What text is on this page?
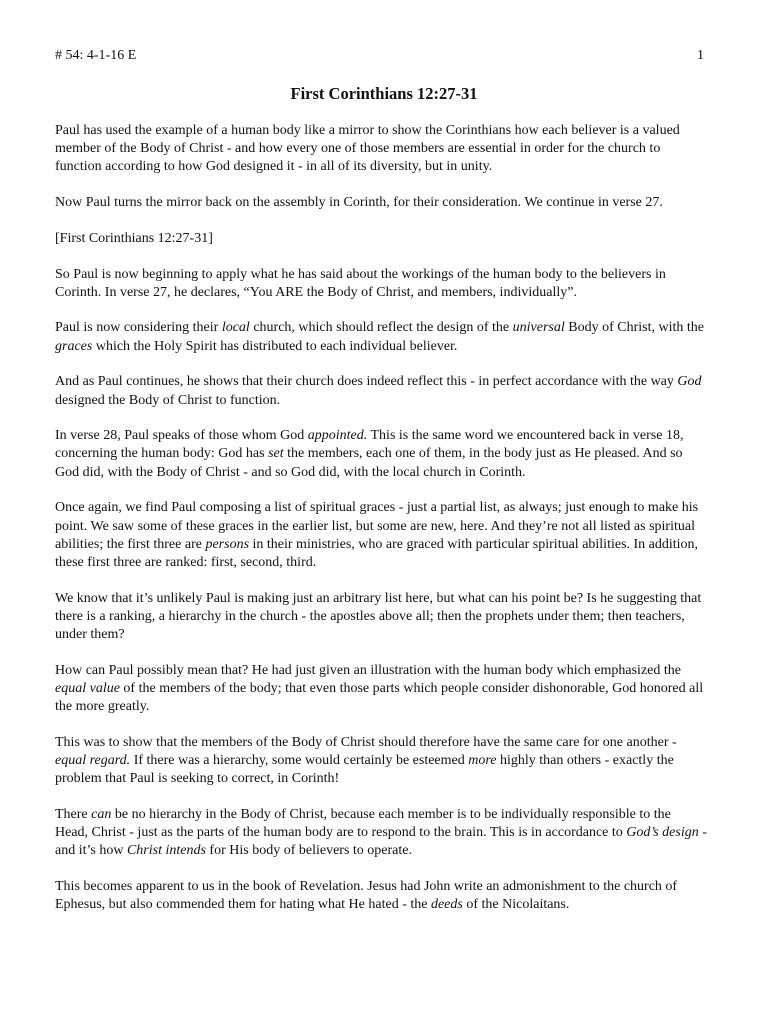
# 54: 4-1-16 E	1
First Corinthians 12:27-31

Paul has used the example of a human body like a mirror to show the Corinthians how each believer is a valued member of the Body of Christ - and how every one of those members are essential in order for the church to function according to how God designed it - in all of its diversity, but in unity.

Now Paul turns the mirror back on the assembly in Corinth, for their consideration. We continue in verse 27.

[First Corinthians 12:27-31]

So Paul is now beginning to apply what he has said about the workings of the human body to the believers in Corinth. In verse 27, he declares, “You ARE the Body of Christ, and members, individually”.

Paul is now considering their local church, which should reflect the design of the universal Body of Christ, with the graces which the Holy Spirit has distributed to each individual believer.

And as Paul continues, he shows that their church does indeed reflect this - in perfect accordance with the way God designed the Body of Christ to function.

In verse 28, Paul speaks of those whom God appointed. This is the same word we encountered back in verse 18, concerning the human body: God has set the members, each one of them, in the body just as He pleased. And so God did, with the Body of Christ - and so God did, with the local church in Corinth.

Once again, we find Paul composing a list of spiritual graces - just a partial list, as always; just enough to make his point. We saw some of these graces in the earlier list, but some are new, here. And they’re not all listed as spiritual abilities; the first three are persons in their ministries, who are graced with particular spiritual abilities. In addition, these first three are ranked: first, second, third.

We know that it’s unlikely Paul is making just an arbitrary list here, but what can his point be? Is he suggesting that there is a ranking, a hierarchy in the church - the apostles above all; then the prophets under them; then teachers, under them?

How can Paul possibly mean that? He had just given an illustration with the human body which emphasized the equal value of the members of the body; that even those parts which people consider dishonorable, God honored all the more greatly.

This was to show that the members of the Body of Christ should therefore have the same care for one another - equal regard. If there was a hierarchy, some would certainly be esteemed more highly than others - exactly the problem that Paul is seeking to correct, in Corinth!

There can be no hierarchy in the Body of Christ, because each member is to be individually responsible to the Head, Christ - just as the parts of the human body are to respond to the brain. This is in accordance to God’s design - and it’s how Christ intends for His body of believers to operate.

This becomes apparent to us in the book of Revelation. Jesus had John write an admonishment to the church of Ephesus, but also commended them for hating what He hated - the deeds of the Nicolaitans.
